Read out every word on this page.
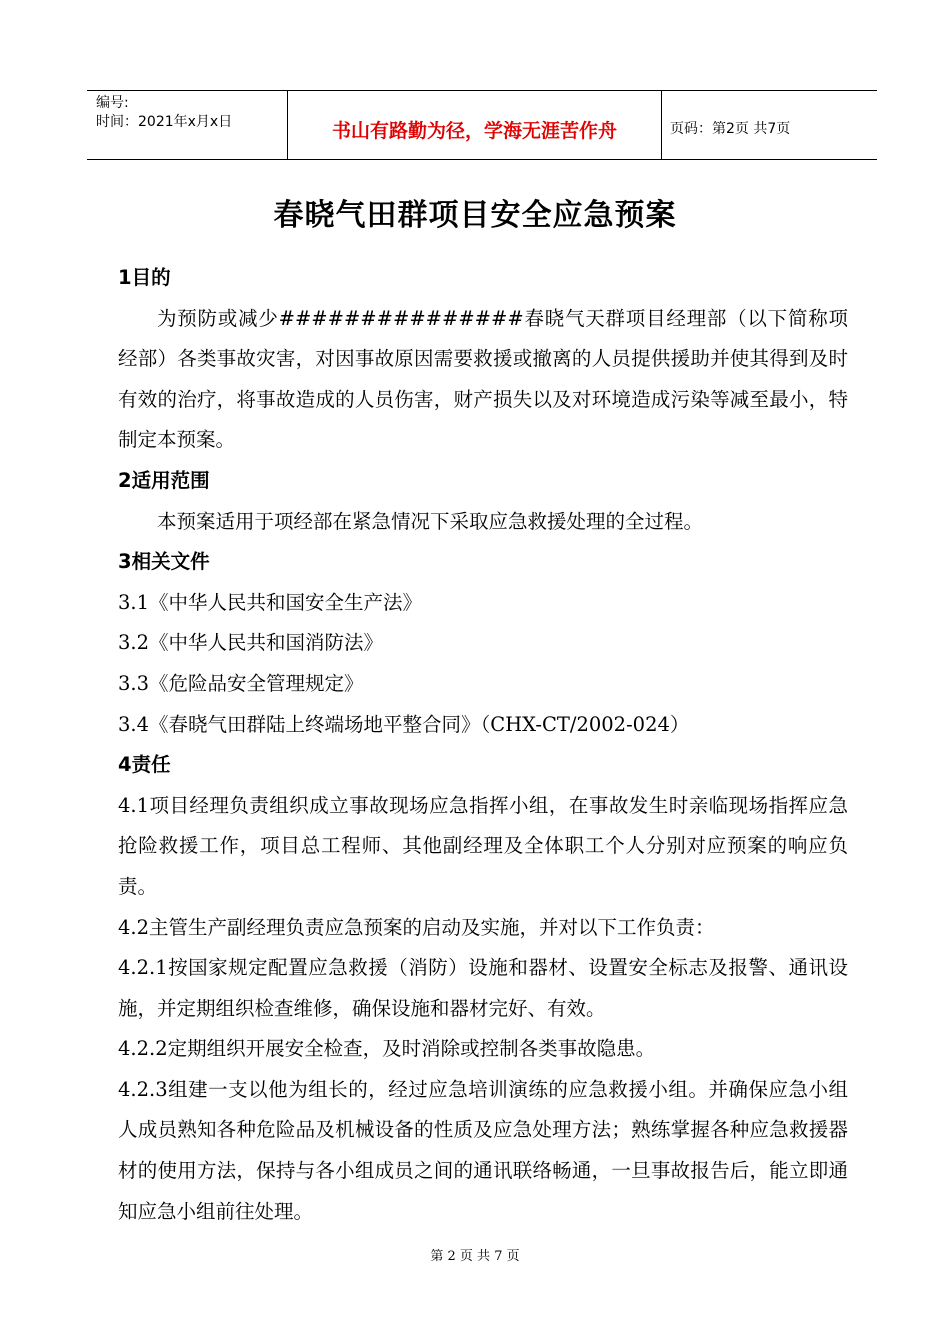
编号:
时间：2021年x月x日	书山有路勤为径，学海无涯苦作舟	页码：第2页 共7页
春晓气田群项目安全应急预案

1目的

为预防或减少###############春晓气天群项目经理部（以下简称项经部）各类事故灾害，对因事故原因需要救援或撤离的人员提供援助并使其得到及时有效的治疗，将事故造成的人员伤害，财产损失以及对环境造成污染等减至最小，特制定本预案。

2适用范围

本预案适用于项经部在紧急情况下采取应急救援处理的全过程。

3相关文件

3.1《中华人民共和国安全生产法》

3.2《中华人民共和国消防法》

3.3《危险品安全管理规定》

3.4《春晓气田群陆上终端场地平整合同》（CHX-CT/2002-024）

4责任

4.1项目经理负责组织成立事故现场应急指挥小组，在事故发生时亲临现场指挥应急抢险救援工作，项目总工程师、其他副经理及全体职工个人分别对应预案的响应负责。

4.2主管生产副经理负责应急预案的启动及实施，并对以下工作负责：

4.2.1按国家规定配置应急救援（消防）设施和器材、设置安全标志及报警、通讯设施，并定期组织检查维修，确保设施和器材完好、有效。

4.2.2定期组织开展安全检查，及时消除或控制各类事故隐患。

4.2.3组建一支以他为组长的，经过应急培训演练的应急救援小组。并确保应急小组人成员熟知各种危险品及机械设备的性质及应急处理方法；熟练掌握各种应急救援器材的使用方法，保持与各小组成员之间的通讯联络畅通，一旦事故报告后，能立即通知应急小组前往处理。

第 2 页 共 7 页
